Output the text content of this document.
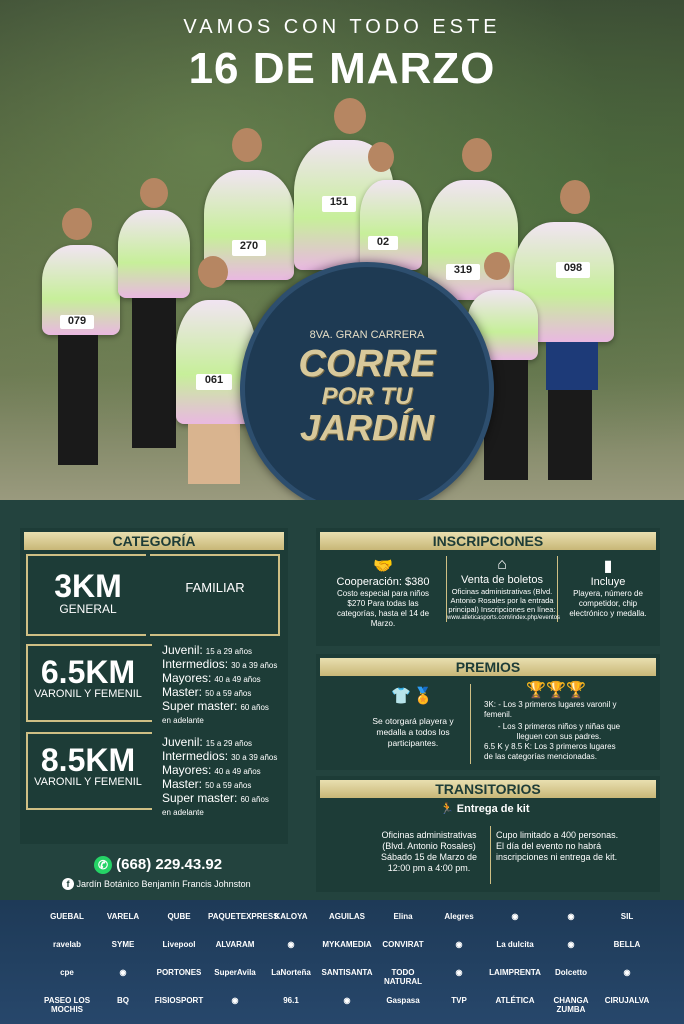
VAMOS CON TODO ESTE
16 DE MARZO
079
270
151
02
319	098
061
8VA. GRAN CARRERA
CORRE
POR TU
JARDÍN
CATEGORÍA
3KM
GENERAL
FAMILIAR
6.5KM
VARONIL Y FEMENIL
Juvenil: 15 a 29 años
Intermedios: 30 a 39 años
Mayores: 40 a 49 años
Master: 50 a 59 años
Super master: 60 años en adelante
8.5KM
VARONIL Y FEMENIL
Juvenil: 15 a 29 años
Intermedios: 30 a 39 años
Mayores: 40 a 49 años
Master: 50 a 59 años
Super master: 60 años en adelante
INSCRIPCIONES
🤝
Cooperación: $380
Costo especial para niños $270 Para todas las categorías, hasta el 14 de Marzo.
⌂
Venta de boletos
Oficinas administrativas (Blvd. Antonio Rosales por la entrada principal) Inscripciones en línea:
www.atleticasports.com/index.php/eventos
▮
Incluye
Playera, número de competidor, chip electrónico y medalla.
PREMIOS
👕 🏅
Se otorgará playera y medalla a todos los participantes.
🏆🏆🏆
3K: - Los 3 primeros lugares varonil y femenil.
- Los 3 primeros niños y niñas que lleguen con sus padres.
6.5 K y 8.5 K: Los 3 primeros lugares de las categorías mencionadas.
TRANSITORIOS
🏃 Entrega de kit
Oficinas administrativas (Blvd. Antonio Rosales) Sábado 15 de Marzo de 12:00 pm a 4:00 pm.
Cupo limitado a 400 personas. El día del evento no habrá inscripciones ni entrega de kit.
✆ (668) 229.43.92
f Jardín Botánico Benjamín Francis Johnston
GUEBAL	VARELA	QUBE	PAQUETEXPRESS
KALOYA	AGUILAS	Elina	Alegres	◉	◉	SIL
ravelab	SYME	Livepool	ALVARAM	◉	MYKAMEDIA	CONVIRAT	◉	La dulcita	◉	BELLA
cpe	◉	PORTONES	SuperAvila	LaNorteña	SANTISANTA	TODO NATURAL
◉	LAIMPRENTA	Dolcetto	◉
PASEO LOS MOCHIS
BQ	FISIOSPORT	◉	96.1	◉	Gaspasa	TVP	ATLÉTICA	CHANGA ZUMBA
CIRUJALVA
